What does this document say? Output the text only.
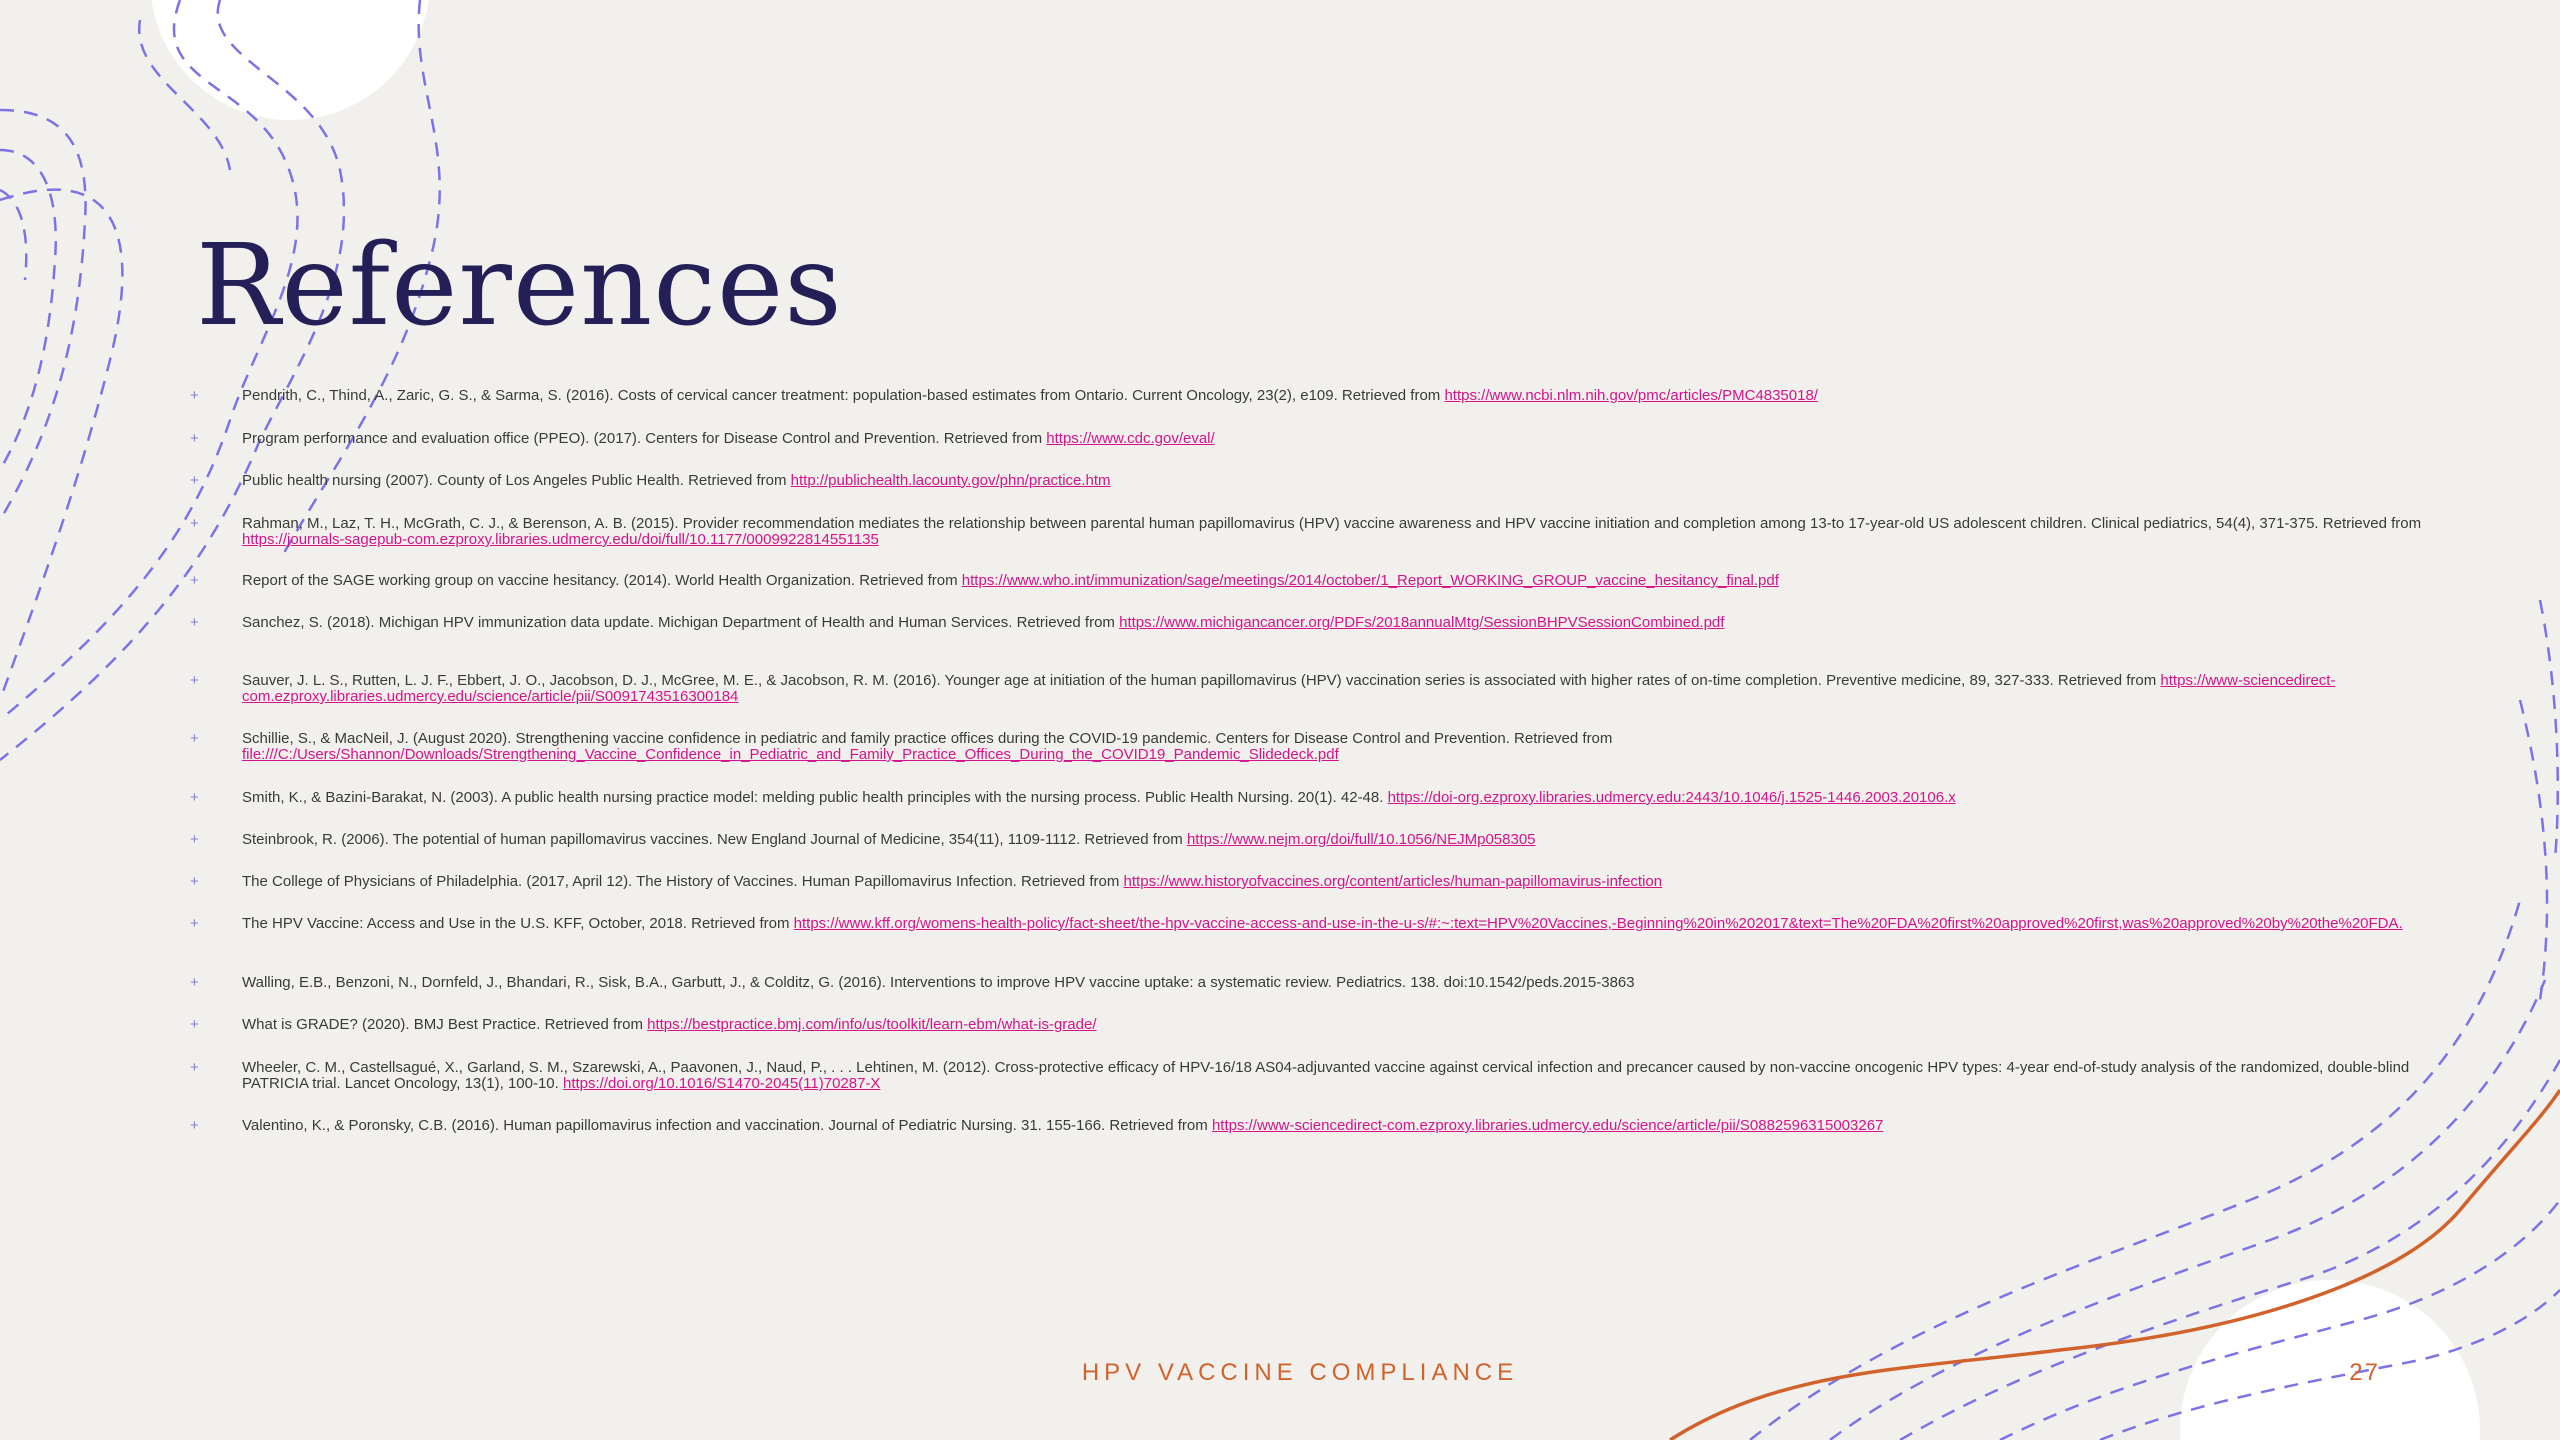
References
+	Pendrith, C., Thind, A., Zaric, G. S., & Sarma, S. (2016). Costs of cervical cancer treatment: population-based estimates from Ontario. Current Oncology, 23(2), e109. Retrieved from https://www.ncbi.nlm.nih.gov/pmc/articles/PMC4835018/
+	Program performance and evaluation office (PPEO). (2017). Centers for Disease Control and Prevention. Retrieved from https://www.cdc.gov/eval/
+	Public health nursing (2007). County of Los Angeles Public Health. Retrieved from http://publichealth.lacounty.gov/phn/practice.htm
+	Rahman, M., Laz, T. H., McGrath, C. J., & Berenson, A. B. (2015). Provider recommendation mediates the relationship between parental human papillomavirus (HPV) vaccine awareness and HPV vaccine initiation and completion among 13-to 17-year-old US adolescent children. Clinical pediatrics, 54(4), 371-375. Retrieved from https://journals-sagepub-com.ezproxy.libraries.udmercy.edu/doi/full/10.1177/0009922814551135
+	Report of the SAGE working group on vaccine hesitancy. (2014). World Health Organization. Retrieved from https://www.who.int/immunization/sage/meetings/2014/october/1_Report_WORKING_GROUP_vaccine_hesitancy_final.pdf
+	Sanchez, S. (2018). Michigan HPV immunization data update. Michigan Department of Health and Human Services. Retrieved from https://www.michigancancer.org/PDFs/2018annualMtg/SessionBHPVSessionCombined.pdf
+	Sauver, J. L. S., Rutten, L. J. F., Ebbert, J. O., Jacobson, D. J., McGree, M. E., & Jacobson, R. M. (2016). Younger age at initiation of the human papillomavirus (HPV) vaccination series is associated with higher rates of on-time completion. Preventive medicine, 89, 327-333. Retrieved from https://www-sciencedirect-com.ezproxy.libraries.udmercy.edu/science/article/pii/S0091743516300184
+	Schillie, S., & MacNeil, J. (August 2020). Strengthening vaccine confidence in pediatric and family practice offices during the COVID-19 pandemic. Centers for Disease Control and Prevention. Retrieved from file:///C:/Users/Shannon/Downloads/Strengthening_Vaccine_Confidence_in_Pediatric_and_Family_Practice_Offices_During_the_COVID19_Pandemic_Slidedeck.pdf
+	Smith, K., & Bazini-Barakat, N. (2003). A public health nursing practice model: melding public health principles with the nursing process. Public Health Nursing. 20(1). 42-48. https://doi-org.ezproxy.libraries.udmercy.edu:2443/10.1046/j.1525-1446.2003.20106.x
+	Steinbrook, R. (2006). The potential of human papillomavirus vaccines. New England Journal of Medicine, 354(11), 1109-1112. Retrieved from https://www.nejm.org/doi/full/10.1056/NEJMp058305
+	The College of Physicians of Philadelphia. (2017, April 12). The History of Vaccines. Human Papillomavirus Infection. Retrieved from https://www.historyofvaccines.org/content/articles/human-papillomavirus-infection
+	The HPV Vaccine: Access and Use in the U.S. KFF, October, 2018. Retrieved from https://www.kff.org/womens-health-policy/fact-sheet/the-hpv-vaccine-access-and-use-in-the-u-s/#:~:text=HPV%20Vaccines,-Beginning%20in%202017&text=The%20FDA%20first%20approved%20first,was%20approved%20by%20the%20FDA.
+	Walling, E.B., Benzoni, N., Dornfeld, J., Bhandari, R., Sisk, B.A., Garbutt, J., & Colditz, G. (2016). Interventions to improve HPV vaccine uptake: a systematic review. Pediatrics. 138. doi:10.1542/peds.2015-3863
+	What is GRADE? (2020). BMJ Best Practice. Retrieved from https://bestpractice.bmj.com/info/us/toolkit/learn-ebm/what-is-grade/
+	Wheeler, C. M., Castellsagué, X., Garland, S. M., Szarewski, A., Paavonen, J., Naud, P., . . . Lehtinen, M. (2012). Cross-protective efficacy of HPV-16/18 AS04-adjuvanted vaccine against cervical infection and precancer caused by non-vaccine oncogenic HPV types: 4-year end-of-study analysis of the randomized, double-blind PATRICIA trial. Lancet Oncology, 13(1), 100-10. https://doi.org/10.1016/S1470-2045(11)70287-X
+	Valentino, K., & Poronsky, C.B. (2016). Human papillomavirus infection and vaccination. Journal of Pediatric Nursing. 31. 155-166. Retrieved from https://www-sciencedirect-com.ezproxy.libraries.udmercy.edu/science/article/pii/S0882596315003267
HPV VACCINE COMPLIANCE	27
